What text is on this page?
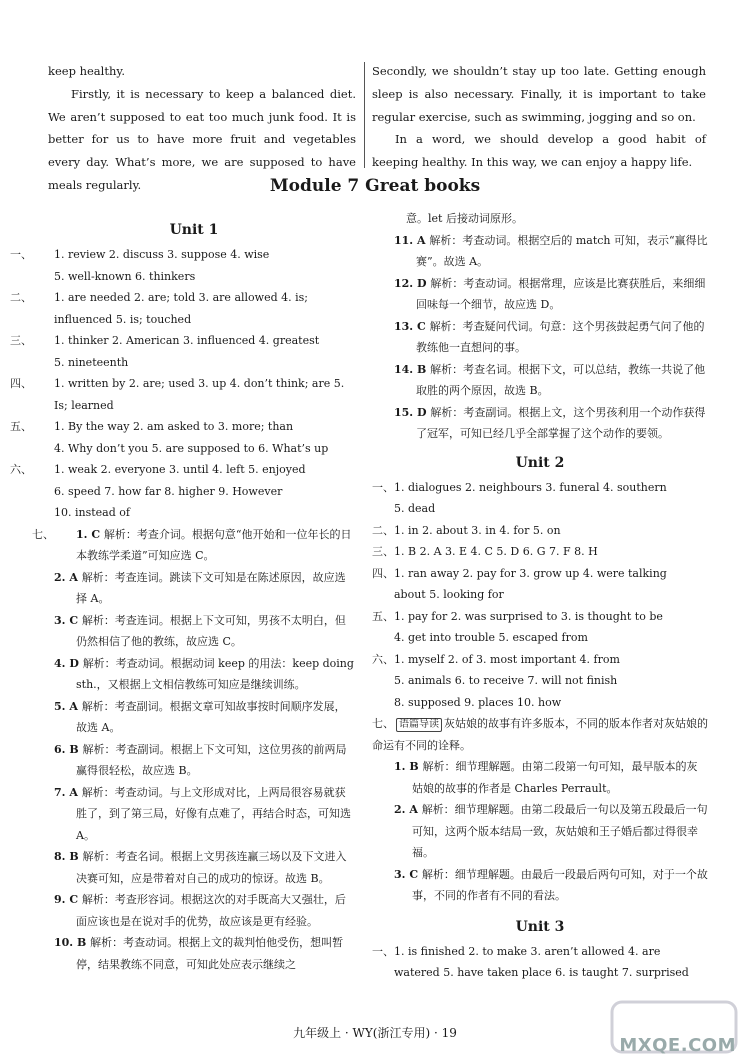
keep healthy.

Firstly, it is necessary to keep a balanced diet. We aren’t supposed to eat too much junk food. It is better for us to have more fruit and vegetables every day. What’s more, we are supposed to have meals regularly.

Secondly, we shouldn’t stay up too late. Getting enough sleep is also necessary. Finally, it is important to take regular exercise, such as swimming, jogging and so on.

In a word, we should develop a good habit of keeping healthy. In this way, we can enjoy a happy life.

Module 7 Great books

Unit 1

一、 1. review 2. discuss 3. suppose 4. wise
5. well-known 6. thinkers
二、 1. are needed 2. are; told 3. are allowed 4. is; influenced 5. is; touched
三、 1. thinker 2. American 3. influenced 4. greatest
5. nineteenth
四、 1. written by 2. are; used 3. up 4. don’t think; are 5. Is; learned
五、 1. By the way 2. am asked to 3. more; than
4. Why don’t you 5. are supposed to 6. What’s up
六、 1. weak 2. everyone 3. until 4. left 5. enjoyed
6. speed 7. how far 8. higher 9. However
10. instead of
七、 1. C 解析：考查介词。根据句意“他开始和一位年长的日本教练学柔道”可知应选 C。
2. A 解析：考查连词。跳读下文可知是在陈述原因，故应选择 A。
3. C 解析：考查连词。根据上下文可知，男孩不太明白，但仍然相信了他的教练，故应选 C。
4. D 解析：考查动词。根据动词 keep 的用法：keep doing sth.，又根据上文相信教练可知应是继续训练。
5. A 解析：考查副词。根据文章可知故事按时间顺序发展，故选 A。
6. B 解析：考查副词。根据上下文可知，这位男孩的前两局赢得很轻松，故应选 B。
7. A 解析：考查动词。与上文形成对比，上两局很容易就获胜了，到了第三局，好像有点难了，再结合时态，可知选 A。
8. B 解析：考查名词。根据上文男孩连赢三场以及下文进入决赛可知，应是带着对自己的成功的惊讶。故选 B。
9. C 解析：考查形容词。根据这次的对手既高大又强壮，后面应该也是在说对手的优势，故应该是更有经验。
10. B 解析：考查动词。根据上文的裁判怕他受伤，想叫暂停，结果教练不同意，可知此处应表示继续之
意。let 后接动词原形。
11. A 解析：考查动词。根据空后的 match 可知，表示“赢得比赛”。故选 A。
12. D 解析：考查动词。根据常理，应该是比赛获胜后，来细细回味每一个细节，故应选 D。
13. C 解析：考查疑问代词。句意：这个男孩鼓起勇气问了他的教练他一直想问的事。
14. B 解析：考查名词。根据下文，可以总结，教练一共说了他取胜的两个原因，故选 B。
15. D 解析：考查副词。根据上文，这个男孩利用一个动作获得了冠军，可知已经几乎全部掌握了这个动作的要领。

Unit 2

一、1. dialogues 2. neighbours 3. funeral 4. southern
5. dead
二、1. in 2. about 3. in 4. for 5. on
三、1. B 2. A 3. E 4. C 5. D 6. G 7. F 8. H
四、1. ran away 2. pay for 3. grow up 4. were talking
about 5. looking for
五、1. pay for 2. was surprised to 3. is thought to be
4. get into trouble 5. escaped from
六、1. myself 2. of 3. most important 4. from
5. animals 6. to receive 7. will not finish
8. supposed 9. places 10. how
七、 语篇导读 灰姑娘的故事有许多版本，不同的版本作者对灰姑娘的命运有不同的诠释。
1. B 解析：细节理解题。由第二段第一句可知，最早版本的灰姑娘的故事的作者是 Charles Perrault。
2. A 解析：细节理解题。由第二段最后一句以及第五段最后一句可知，这两个版本结局一致，灰姑娘和王子婚后都过得很幸福。
3. C 解析：细节理解题。由最后一段最后两句可知，对于一个故事，不同的作者有不同的看法。

Unit 3

一、1. is finished 2. to make 3. aren’t allowed 4. are
watered 5. have taken place 6. is taught 7. surprised
九年级上 · WY(浙江专用) · 19
MXQE.COM
